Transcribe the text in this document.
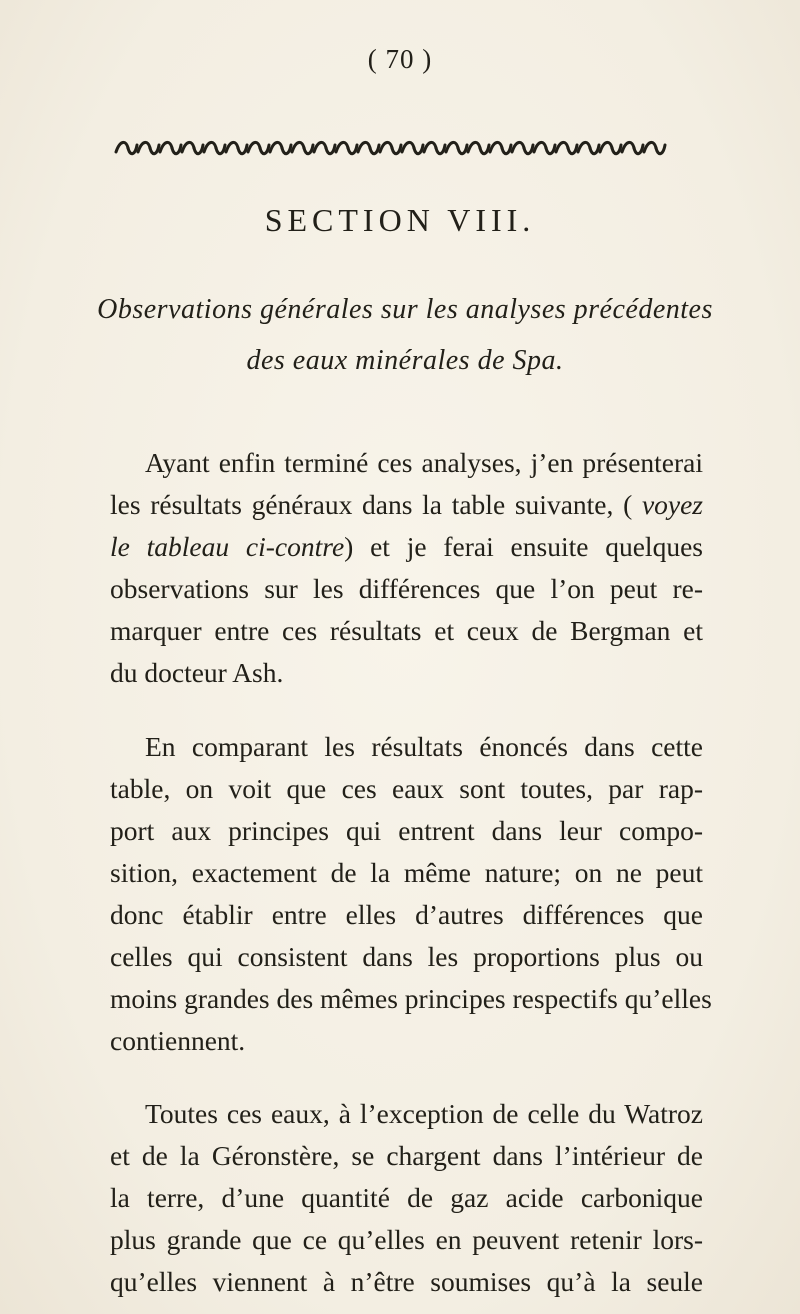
( 70 )
SECTION VIII.
Observations générales sur les analyses précédentes
des eaux minérales de Spa.
Ayant enfin terminé ces analyses, j’en présenterai
les résultats généraux dans la table suivante, ( voyez
le tableau ci-contre) et je ferai ensuite quelques
observations sur les différences que l’on peut re-
marquer entre ces résultats et ceux de Bergman et
du docteur Ash.
En comparant les résultats énoncés dans cette
table, on voit que ces eaux sont toutes, par rap-
port aux principes qui entrent dans leur compo-
sition, exactement de la même nature; on ne peut
donc établir entre elles d’autres différences que
celles qui consistent dans les proportions plus ou
moins grandes des mêmes principes respectifs qu’elles
contiennent.
Toutes ces eaux, à l’exception de celle du Watroz
et de la Géronstère, se chargent dans l’intérieur de
la terre, d’une quantité de gaz acide carbonique
plus grande que ce qu’elles en peuvent retenir lors-
qu’elles viennent à n’être soumises qu’à la seule
